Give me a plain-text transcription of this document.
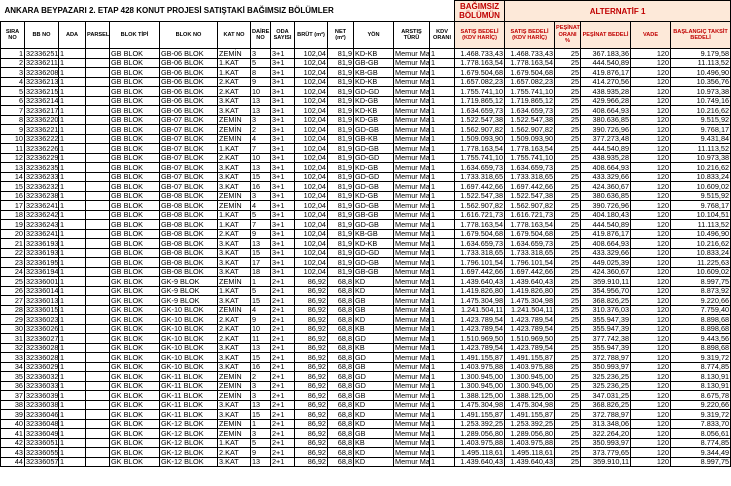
ANKARA BEYPAZARI 2. ETAP 428 KONUT PROJESİ SATIŞTAKİ BAĞIMSIZ BÖLÜMLER														BAĞIMSIZ BÖLÜMÜN	ALTERNATİF 1				
SIRA NO	BB NO	ADA	PARSEL	BLOK TİPİ	BLOK NO	KAT NO	DAİRE NO	ODA SAYISI	BRÜT (m²)	NET (m²)	YÖN	ARSTIŞ TÜRÜ	KDV ORANI	SATIŞ BEDELİ (KDV HARİÇ)	SATIŞ BEDELİ (KDV HARİÇ)	PEŞİNAT ORANI %	PEŞİNAT BEDELİ	VADE	BAŞLANGIÇ TAKSİT BEDELİ
1	32336251	1		GB BLOK	GB-06 BLOK	ZEMİN	3	3+1	102,04	81,9	KD-KB	Memur Ma	1	1.468.733,43	1.468.733,43	25	367.183,36	120	9.179,58
2	32336211	1		GB BLOK	GB-06 BLOK	1.KAT	5	3+1	102,04	81,9	GB-GB	Memur Ma	1	1.778.163,54	1.778.163,54	25	444.540,89	120	11.113,52
3	32336208	1		GB BLOK	GB-06 BLOK	1.KAT	8	3+1	102,04	81,9	KB-GB	Memur Ma	1	1.679.504,68	1.679.504,68	25	419.876,17	120	10.496,90
4	32336213	1		GB BLOK	GB-06 BLOK	2.KAT	9	3+1	102,04	81,9	KD-KB	Memur Ma	1	1.657.082,23	1.657.082,23	25	414.270,56	120	10.356,76
5	32336215	1		GB BLOK	GB-06 BLOK	2.KAT	10	3+1	102,04	81,9	GD-GD	Memur Ma	1	1.755.741,10	1.755.741,10	25	438.935,28	120	10.973,38
6	32336214	1		GB BLOK	GB-06 BLOK	3.KAT	13	3+1	102,04	81,9	KD-GB	Memur Ma	1	1.719.865,12	1.719.865,12	25	429.966,28	120	10.749,16
7	32336217	1		GB BLOK	GB-06 BLOK	3.KAT	13	3+1	102,04	81,9	KD-KB	Memur Ma	1	1.634.659,73	1.634.659,73	25	408.664,93	120	10.216,62
8	32336220	1		GB BLOK	GB-07 BLOK	ZEMİN	3	3+1	102,04	81,9	KD-GB	Memur Ma	1	1.522.547,38	1.522.547,38	25	380.636,85	120	9.515,92
9	32336221	1		GB BLOK	GB-07 BLOK	ZEMİN	2	3+1	102,04	81,9	GD-GB	Memur Ma	1	1.562.907,82	1.562.907,82	25	390.726,96	120	9.768,17
10	32336222	1		GB BLOK	GB-07 BLOK	ZEMİN	4	3+1	102,04	81,9	GB-KB	Memur Ma	1	1.509.093,90	1.509.093,90	25	377.273,48	120	9.431,84
11	32336226	1		GB BLOK	GB-07 BLOK	1.KAT	7	3+1	102,04	81,9	GD-GB	Memur Ma	1	1.778.163,54	1.778.163,54	25	444.540,89	120	11.113,52
12	32336229	1		GB BLOK	GB-07 BLOK	2.KAT	10	3+1	102,04	81,9	GD-GD	Memur Ma	1	1.755.741,10	1.755.741,10	25	438.935,28	120	10.973,38
13	32336235	1		GB BLOK	GB-07 BLOK	3.KAT	13	3+1	102,04	81,9	KD-GB	Memur Ma	1	1.634.659,73	1.634.659,73	25	408.664,93	120	10.216,62
14	32336233	1		GB BLOK	GB-07 BLOK	3.KAT	15	3+1	102,04	81,9	GD-GD	Memur Ma	1	1.733.318,65	1.733.318,65	25	433.329,66	120	10.833,24
15	32336232	1		GB BLOK	GB-07 BLOK	3.KAT	16	3+1	102,04	81,9	GD-GB	Memur Ma	1	1.697.442,66	1.697.442,66	25	424.360,67	120	10.609,02
16	32336238	1		GB BLOK	GB-08 BLOK	ZEMİN	3	3+1	102,04	81,9	KD-GB	Memur Ma	1	1.522.547,38	1.522.547,38	25	380.636,85	120	9.515,92
17	32336241	1		GB BLOK	GB-08 BLOK	ZEMİN	4	3+1	102,04	81,9	GD-GB	Memur Ma	1	1.562.907,82	1.562.907,82	25	390.726,96	120	9.768,17
18	32336242	1		GB BLOK	GB-08 BLOK	1.KAT	5	3+1	102,04	81,9	GB-GB	Memur Ma	1	1.616.721,73	1.616.721,73	25	404.180,43	120	10.104,51
19	32336243	1		GB BLOK	GB-08 BLOK	1.KAT	7	3+1	102,04	81,9	GD-GB	Memur Ma	1	1.778.163,54	1.778.163,54	25	444.540,89	120	11.113,52
20	32336241	1		GB BLOK	GB-08 BLOK	2.KAT	9	3+1	102,04	81,9	KB-GB	Memur Ma	1	1.679.504,68	1.679.504,68	25	419.876,17	120	10.496,90
21	32336193	1		GB BLOK	GB-08 BLOK	3.KAT	13	3+1	102,04	81,9	KD-KB	Memur Ma	1	1.634.659,73	1.634.659,73	25	408.664,93	120	10.216,62
22	32336193	1		GB BLOK	GB-08 BLOK	3.KAT	15	3+1	102,04	81,9	GD-GD	Memur Ma	1	1.733.318,65	1.733.318,65	25	433.329,66	120	10.833,24
23	32336195	1		GB BLOK	GB-08 BLOK	3.KAT	17	3+1	102,04	81,9	GD-GB	Memur Ma	1	1.796.101,54	1.796.101,54	25	449.025,39	120	11.225,63
24	32336194	1		GB BLOK	GB-08 BLOK	3.KAT	18	3+1	102,04	81,9	GB-GB	Memur Ma	1	1.697.442,66	1.697.442,66	25	424.360,67	120	10.609,02
25	32336001	1		GK BLOK	GK-9 BLOK	ZEMİN	1	2+1	86,92	68,8	KD	Memur Ma	1	1.439.640,43	1.439.640,43	25	359.910,11	120	8.997,75
26	32336014	1		GK BLOK	GK-9 BLOK	1.KAT	5	2+1	86,92	68,8	KD	Memur Ma	1	1.419.826,80	1.419.826,80	25	354.956,70	120	8.873,92
27	32336013	1		GK BLOK	GK-9 BLOK	3.KAT	15	2+1	86,92	68,8	GB	Memur Ma	1	1.475.304,98	1.475.304,98	25	368.826,25	120	9.220,66
28	32336015	1		GK BLOK	GK-10 BLOK	ZEMİN	4	2+1	86,92	68,8	GB	Memur Ma	1	1.241.504,11	1.241.504,11	25	310.376,03	120	7.759,40
29	32336023	1		GK BLOK	GK-10 BLOK	2.KAT	9	2+1	86,92	68,8	KD	Memur Ma	1	1.423.789,54	1.423.789,54	25	355.947,39	120	8.898,68
30	32336026	1		GK BLOK	GK-10 BLOK	2.KAT	10	2+1	86,92	68,8	KB	Memur Ma	1	1.423.789,54	1.423.789,54	25	355.947,39	120	8.898,68
31	32336027	1		GK BLOK	GK-10 BLOK	2.KAT	11	2+1	86,92	68,8	GD	Memur Ma	1	1.510.969,50	1.510.969,50	25	377.742,38	120	9.443,56
32	32336028	1		GK BLOK	GK-10 BLOK	3.KAT	13	2+1	86,92	68,8	KB	Memur Ma	1	1.423.789,54	1.423.789,54	25	355.947,39	120	8.898,68
33	32336028	1		GK BLOK	GK-10 BLOK	3.KAT	15	2+1	86,92	68,8	GD	Memur Ma	1	1.491.155,87	1.491.155,87	25	372.788,97	120	9.319,72
34	32336029	1		GK BLOK	GK-10 BLOK	3.KAT	16	2+1	86,92	68,8	GB	Memur Ma	1	1.403.975,88	1.403.975,88	25	350.993,97	120	8.774,85
35	32336032	1		GK BLOK	GK-11 BLOK	ZEMİN	2	2+1	86,92	68,8	GD	Memur Ma	1	1.300.945,00	1.300.945,00	25	325.236,25	120	8.130,91
36	32336033	1		GK BLOK	GK-11 BLOK	ZEMİN	3	2+1	86,92	68,8	GD	Memur Ma	1	1.300.945,00	1.300.945,00	25	325.236,25	120	8.130,91
37	32336039	1		GK BLOK	GK-11 BLOK	ZEMİN	3	2+1	86,92	68,8	GB	Memur Ma	1	1.388.125,00	1.388.125,00	25	347.031,25	120	8.675,78
38	32336038	1		GK BLOK	GK-11 BLOK	3.KAT	13	2+1	86,92	68,8	KD	Memur Ma	1	1.475.304,98	1.475.304,98	25	368.826,25	120	9.220,66
39	32336046	1		GK BLOK	GK-11 BLOK	3.KAT	15	2+1	86,92	68,8	KD	Memur Ma	1	1.491.155,87	1.491.155,87	25	372.788,97	120	9.319,72
40	32336048	1		GK BLOK	GK-12 BLOK	ZEMİN	1	2+1	86,92	68,8	KD	Memur Ma	1	1.253.392,25	1.253.392,25	25	313.348,06	120	7.833,70
41	32336049	1		GK BLOK	GK-12 BLOK	ZEMİN	3	2+1	86,92	68,8	GB	Memur Ma	1	1.289.056,80	1.289.056,80	25	322.264,20	120	8.056,61
42	32336051	1		GK BLOK	GK-12 BLOK	1.KAT	5	2+1	86,92	68,8	KB	Memur Ma	1	1.403.975,88	1.403.975,88	25	350.993,97	120	8.774,85
43	32336055	1		GK BLOK	GK-12 BLOK	2.KAT	9	2+1	86,92	68,8	KD	Memur Ma	1	1.495.118,61	1.495.118,61	25	373.779,65	120	9.344,49
44	32336057	1		GK BLOK	GK-12 BLOK	3.KAT	13	2+1	86,92	68,8	KD	Memur Ma	1	1.439.640,43	1.439.640,43	25	359.910,11	120	8.997,75
